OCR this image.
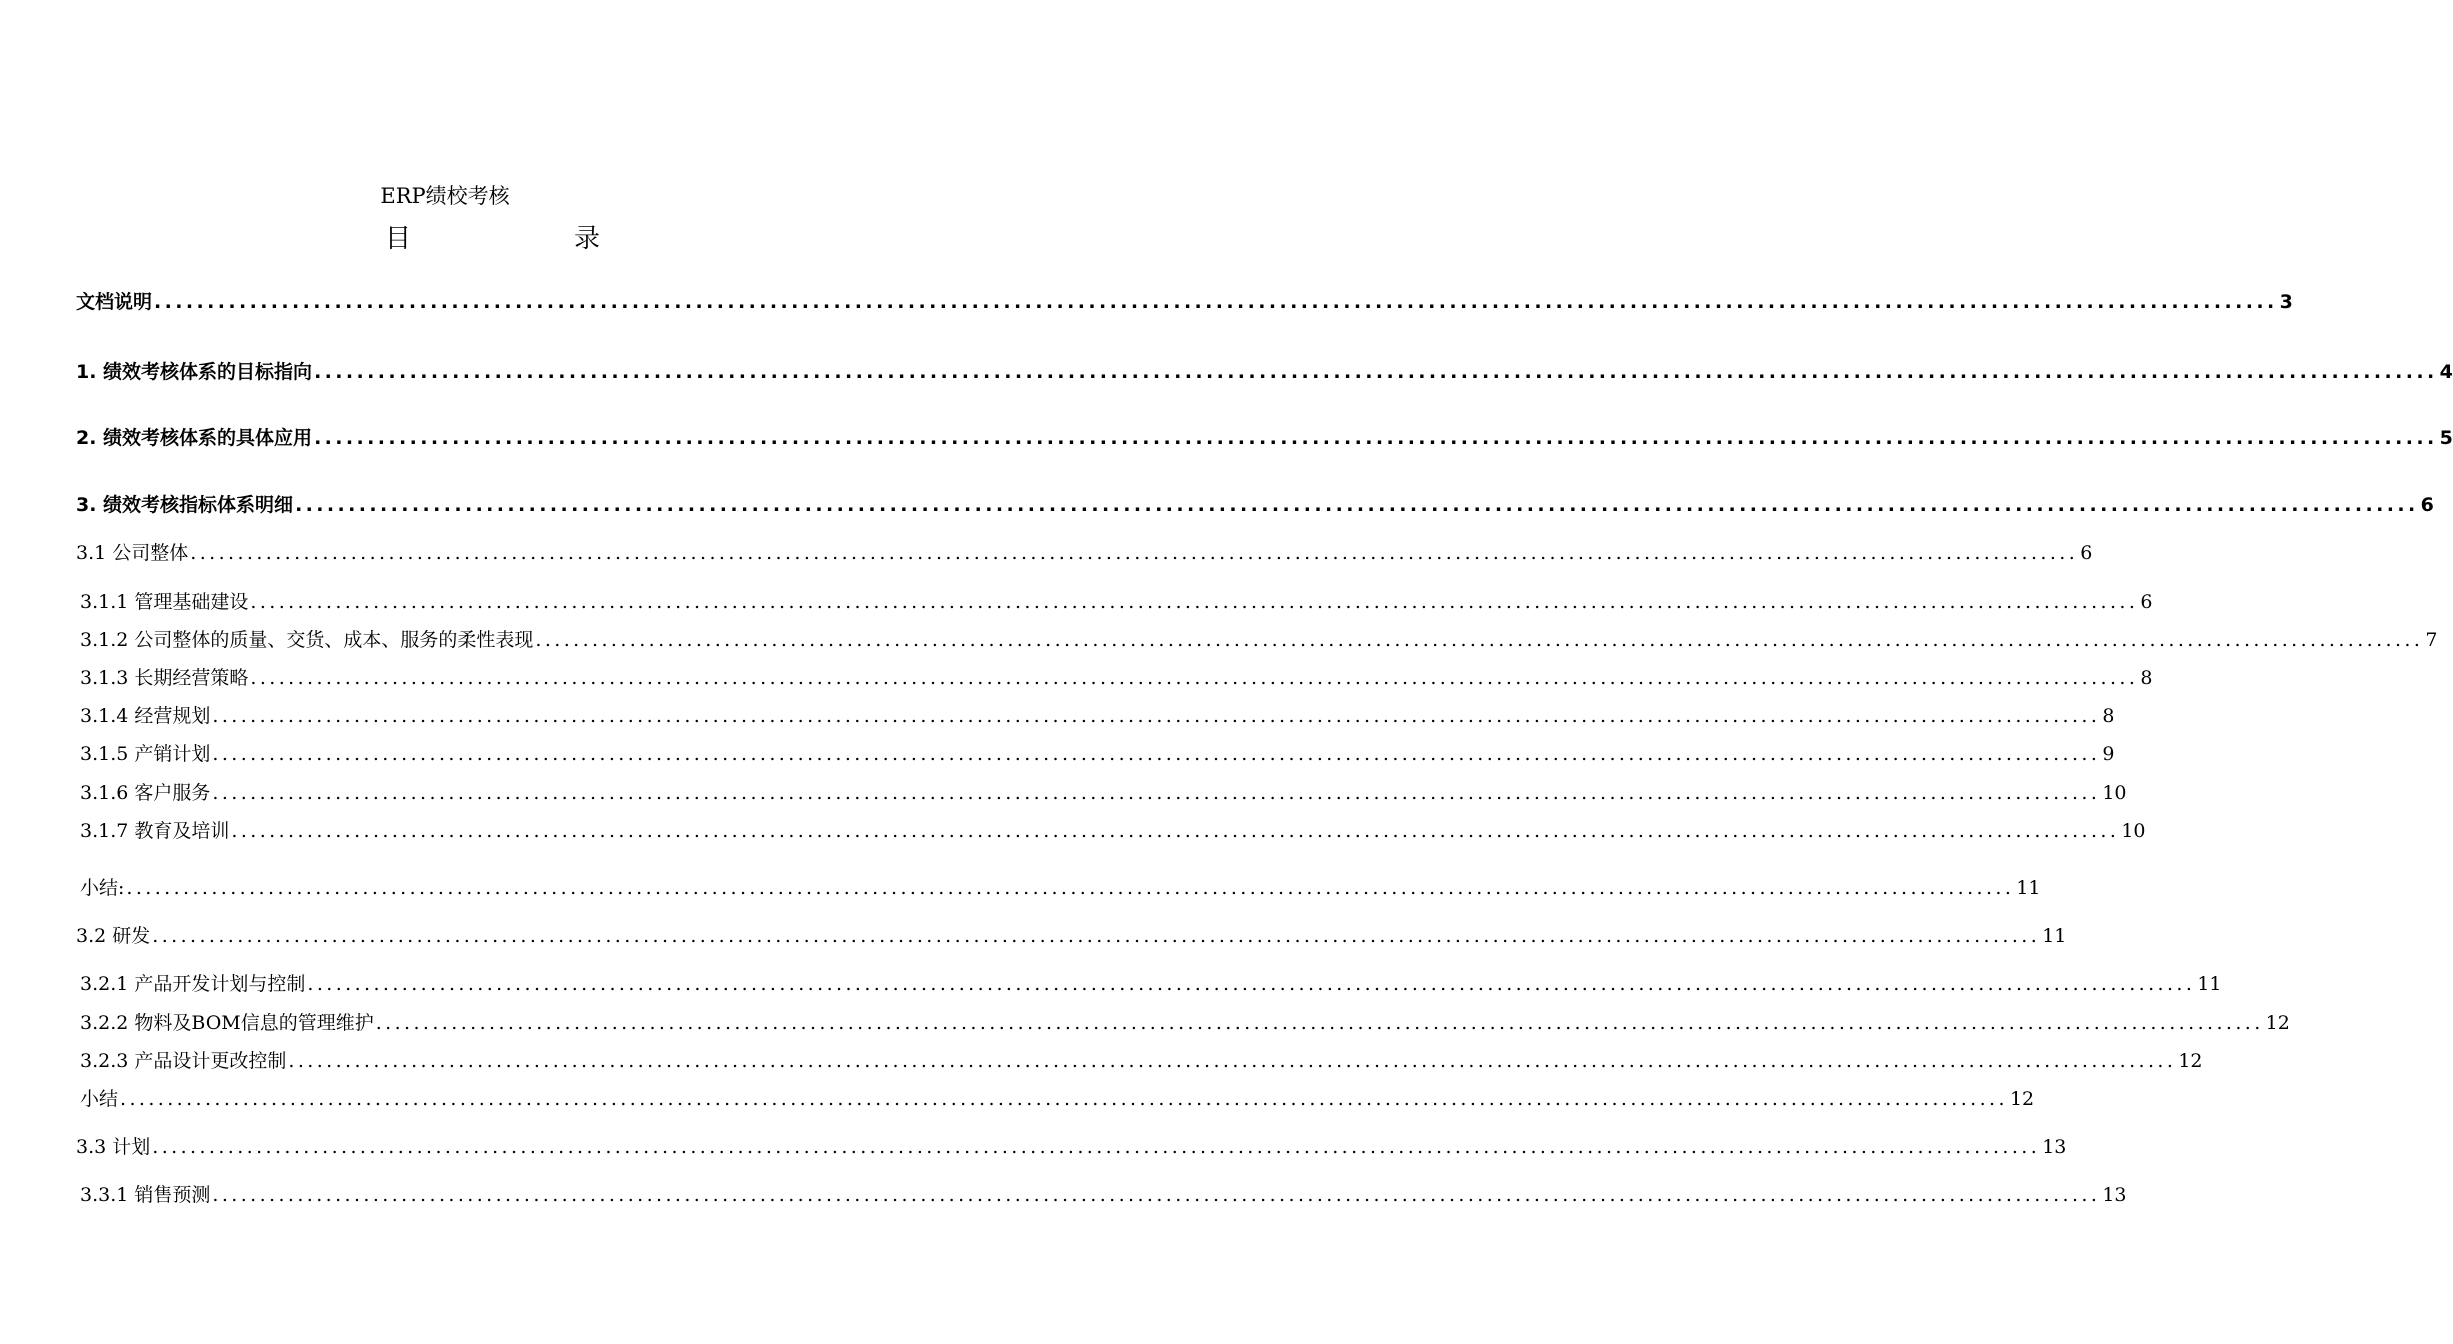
ERP绩校考核
目	录
文档说明 ........................................................................................................................................................................................................ 3
1. 绩效考核体系的目标指向 ........................................................................................................................................................................................................ 4
2. 绩效考核体系的具体应用 ........................................................................................................................................................................................................ 5
3. 绩效考核指标体系明细 ........................................................................................................................................................................................................ 6
3.1 公司整体 ........................................................................................................................................................................................................ 6
3.1.1 管理基础建设 ........................................................................................................................................................................................................ 6
3.1.2 公司整体的质量、交货、成本、服务的柔性表现 ........................................................................................................................................................................................................ 7
3.1.3 长期经营策略 ........................................................................................................................................................................................................ 8
3.1.4 经营规划 ........................................................................................................................................................................................................ 8
3.1.5 产销计划 ........................................................................................................................................................................................................ 9
3.1.6 客户服务 ........................................................................................................................................................................................................ 10
3.1.7 教育及培训 ........................................................................................................................................................................................................ 10
小结: ........................................................................................................................................................................................................ 11
3.2 研发 ........................................................................................................................................................................................................ 11
3.2.1 产品开发计划与控制 ........................................................................................................................................................................................................ 11
3.2.2 物料及BOM信息的管理维护 ........................................................................................................................................................................................................ 12
3.2.3 产品设计更改控制 ........................................................................................................................................................................................................ 12
小结 ........................................................................................................................................................................................................ 12
3.3 计划 ........................................................................................................................................................................................................ 13
3.3.1 销售预测 ........................................................................................................................................................................................................ 13
